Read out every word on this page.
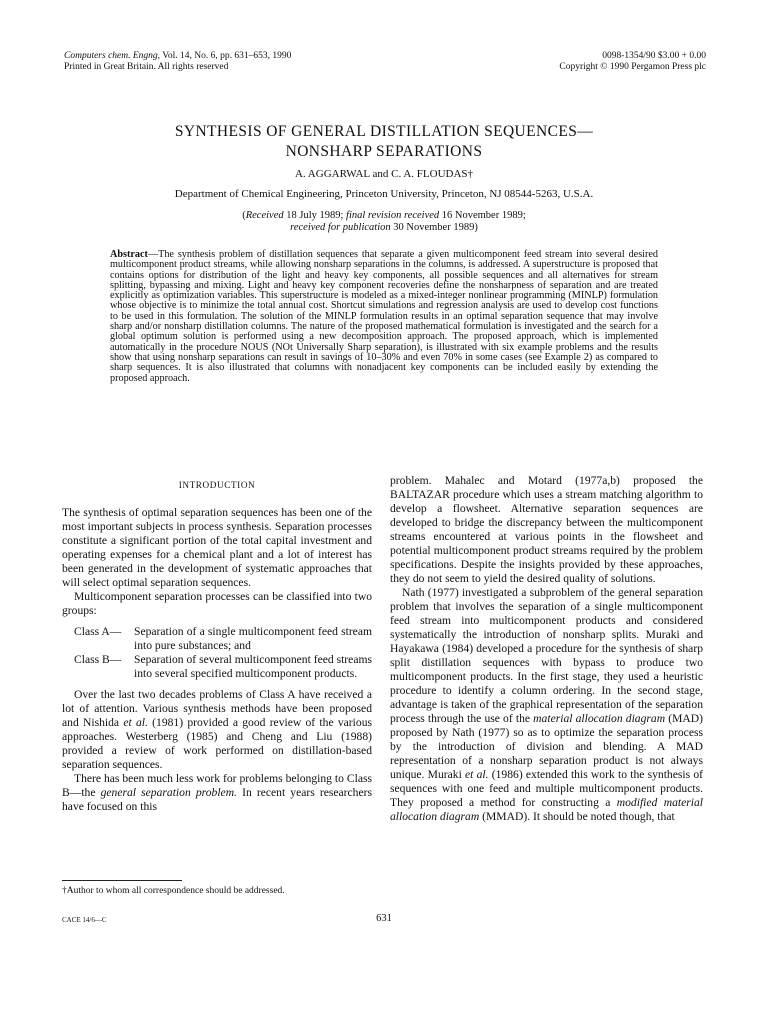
Computers chem. Engng, Vol. 14, No. 6, pp. 631–653, 1990
Printed in Great Britain. All rights reserved
0098-1354/90 $3.00 + 0.00
Copyright © 1990 Pergamon Press plc
SYNTHESIS OF GENERAL DISTILLATION SEQUENCES—
NONSHARP SEPARATIONS
A. AGGARWAL and C. A. FLOUDAS†
Department of Chemical Engineering, Princeton University, Princeton, NJ 08544-5263, U.S.A.
(Received 18 July 1989; final revision received 16 November 1989;
received for publication 30 November 1989)
Abstract—The synthesis problem of distillation sequences that separate a given multicomponent feed stream into several desired multicomponent product streams, while allowing nonsharp separations in the columns, is addressed. A superstructure is proposed that contains options for distribution of the light and heavy key components, all possible sequences and all alternatives for stream splitting, bypassing and mixing. Light and heavy key component recoveries define the nonsharpness of separation and are treated explicitly as optimization variables. This superstructure is modeled as a mixed-integer nonlinear programming (MINLP) formulation whose objective is to minimize the total annual cost. Shortcut simulations and regression analysis are used to develop cost functions to be used in this formulation. The solution of the MINLP formulation results in an optimal separation sequence that may involve sharp and/or nonsharp distillation columns. The nature of the proposed mathematical formulation is investigated and the search for a global optimum solution is performed using a new decomposition approach. The proposed approach, which is implemented automatically in the procedure NOUS (NOt Universally Sharp separation), is illustrated with six example problems and the results show that using nonsharp separations can result in savings of 10–30% and even 70% in some cases (see Example 2) as compared to sharp sequences. It is also illustrated that columns with nonadjacent key components can be included easily by extending the proposed approach.
INTRODUCTION

The synthesis of optimal separation sequences has been one of the most important subjects in process synthesis. Separation processes constitute a significant portion of the total capital investment and operating expenses for a chemical plant and a lot of interest has been generated in the development of systematic approaches that will select optimal separation sequences.

Multicomponent separation processes can be classified into two groups:

Class A—	Separation of a single multicomponent feed stream into pure substances; and
Class B—	Separation of several multicomponent feed streams into several specified multicomponent products.

Over the last two decades problems of Class A have received a lot of attention. Various synthesis methods have been proposed and Nishida et al. (1981) provided a good review of the various approaches. Westerberg (1985) and Cheng and Liu (1988) provided a review of work performed on distillation-based separation sequences.

There has been much less work for problems belonging to Class B—the general separation problem. In recent years researchers have focused on this

problem. Mahalec and Motard (1977a,b) proposed the BALTAZAR procedure which uses a stream matching algorithm to develop a flowsheet. Alternative separation sequences are developed to bridge the discrepancy between the multicomponent streams encountered at various points in the flowsheet and potential multicomponent product streams required by the problem specifications. Despite the insights provided by these approaches, they do not seem to yield the desired quality of solutions.

Nath (1977) investigated a subproblem of the general separation problem that involves the separation of a single multicomponent feed stream into multicomponent products and considered systematically the introduction of nonsharp splits. Muraki and Hayakawa (1984) developed a procedure for the synthesis of sharp split distillation sequences with bypass to produce two multicomponent products. In the first stage, they used a heuristic procedure to identify a column ordering. In the second stage, advantage is taken of the graphical representation of the separation process through the use of the material allocation diagram (MAD) proposed by Nath (1977) so as to optimize the separation process by the introduction of division and blending. A MAD representation of a nonsharp separation product is not always unique. Muraki et al. (1986) extended this work to the synthesis of sequences with one feed and multiple multicomponent products. They proposed a method for constructing a modified material allocation diagram (MMAD). It should be noted though, that

†Author to whom all correspondence should be addressed.
631
CACE 14/6—C
